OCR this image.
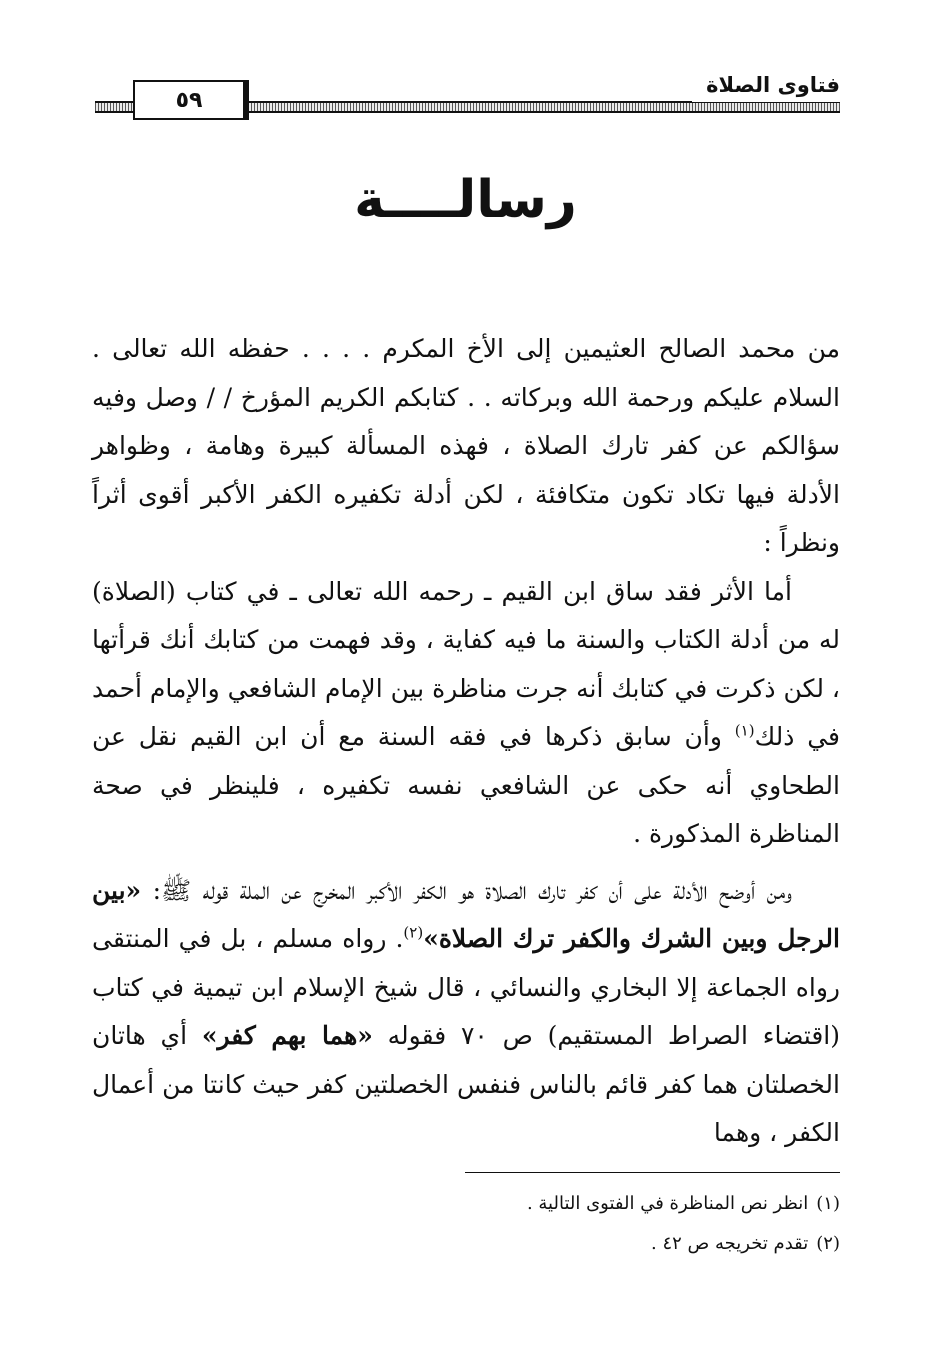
٥٩
فتاوى الصلاة
رسالــــة

من محمد الصالح العثيمين إلى الأخ المكرم . . . . حفظه الله تعالى . السلام عليكم ورحمة الله وبركاته . . كتابكم الكريم المؤرخ / / وصل وفيه سؤالكم عن كفر تارك الصلاة ، فهذه المسألة كبيرة وهامة ، وظواهر الأدلة فيها تكاد تكون متكافئة ، لكن أدلة تكفيره الكفر الأكبر أقوى أثراً ونظراً :

أما الأثر فقد ساق ابن القيم ـ رحمه الله تعالى ـ في كتاب (الصلاة) له من أدلة الكتاب والسنة ما فيه كفاية ، وقد فهمت من كتابك أنك قرأتها ، لكن ذكرت في كتابك أنه جرت مناظرة بين الإمام الشافعي والإمام أحمد في ذلك$^{(١)}$ وأن سابق ذكرها في فقه السنة مع أن ابن القيم نقل عن الطحاوي أنه حكى عن الشافعي نفسه تكفيره ، فلينظر في صحة المناظرة المذكورة .

ومن أوضح الأدلة على أن كفر تارك الصلاة هو الكفر الأكبر المخرج عن الملة قوله ﷺ: «بين الرجل وبين الشرك والكفر ترك الصلاة»$^{(٢)}$. رواه مسلم ، بل في المنتقى رواه الجماعة إلا البخاري والنسائي ، قال شيخ الإسلام ابن تيمية في كتاب (اقتضاء الصراط المستقيم) ص ٧٠ فقوله «هما بهم كفر» أي هاتان الخصلتان هما كفر قائم بالناس فنفس الخصلتين كفر حيث كانتا من أعمال الكفر ، وهما

(١)انظر نص المناظرة في الفتوى التالية .
(٢)تقدم تخريجه ص ٤٢ .
